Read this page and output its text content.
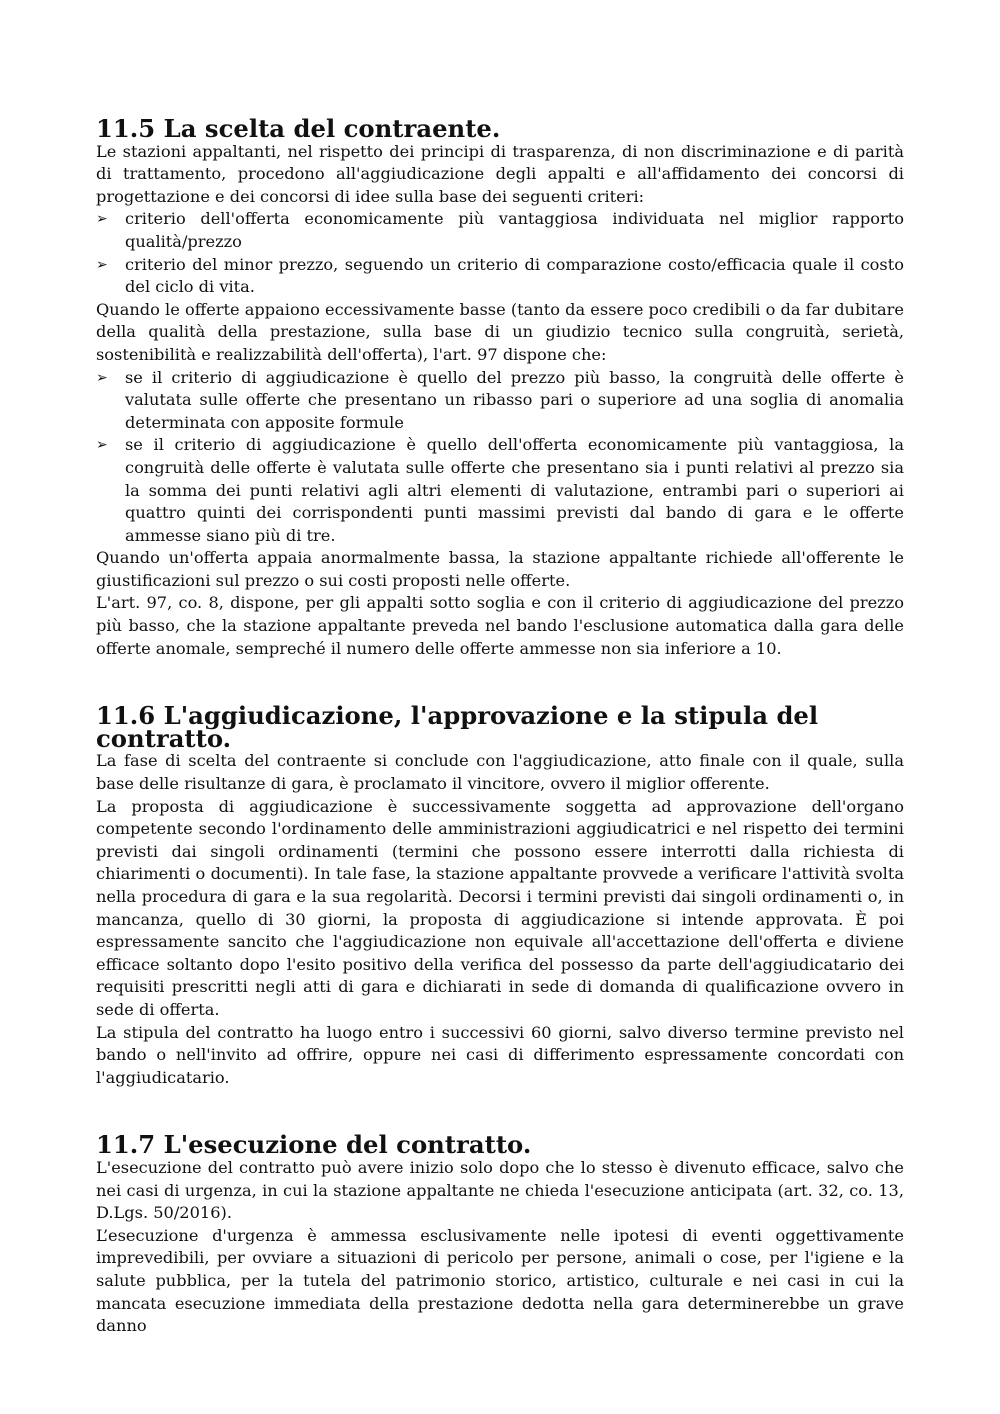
11.5 La scelta del contraente.

Le stazioni appaltanti, nel rispetto dei principi di trasparenza, di non discriminazione e di parità di trattamento, procedono all'aggiudicazione degli appalti e all'affidamento dei concorsi di progettazione e dei concorsi di idee sulla base dei seguenti criteri:

➢ criterio dell'offerta economicamente più vantaggiosa individuata nel miglior rapporto qualità/prezzo
➢ criterio del minor prezzo, seguendo un criterio di comparazione costo/efficacia quale il costo del ciclo di vita.

Quando le offerte appaiono eccessivamente basse (tanto da essere poco credibili o da far dubitare della qualità della prestazione, sulla base di un giudizio tecnico sulla congruità, serietà, sostenibilità e realizzabilità dell'offerta), l'art. 97 dispone che:

➢ se il criterio di aggiudicazione è quello del prezzo più basso, la congruità delle offerte è valutata sulle offerte che presentano un ribasso pari o superiore ad una soglia di anomalia determinata con apposite formule
➢ se il criterio di aggiudicazione è quello dell'offerta economicamente più vantaggiosa, la congruità delle offerte è valutata sulle offerte che presentano sia i punti relativi al prezzo sia la somma dei punti relativi agli altri elementi di valutazione, entrambi pari o superiori ai quattro quinti dei corrispondenti punti massimi previsti dal bando di gara e le offerte ammesse siano più di tre.

Quando un'offerta appaia anormalmente bassa, la stazione appaltante richiede all'offerente le giustificazioni sul prezzo o sui costi proposti nelle offerte.

L'art. 97, co. 8, dispone, per gli appalti sotto soglia e con il criterio di aggiudicazione del prezzo più basso, che la stazione appaltante preveda nel bando l'esclusione automatica dalla gara delle offerte anomale, sempreché il numero delle offerte ammesse non sia inferiore a 10.

11.6 L'aggiudicazione, l'approvazione e la stipula del contratto.

La fase di scelta del contraente si conclude con l'aggiudicazione, atto finale con il quale, sulla base delle risultanze di gara, è proclamato il vincitore, ovvero il miglior offerente.

La proposta di aggiudicazione è successivamente soggetta ad approvazione dell'organo competente secondo l'ordinamento delle amministrazioni aggiudicatrici e nel rispetto dei termini previsti dai singoli ordinamenti (termini che possono essere interrotti dalla richiesta di chiarimenti o documenti). In tale fase, la stazione appaltante provvede a verificare l'attività svolta nella procedura di gara e la sua regolarità. Decorsi i termini previsti dai singoli ordinamenti o, in mancanza, quello di 30 giorni, la proposta di aggiudicazione si intende approvata. È poi espressamente sancito che l'aggiudicazione non equivale all'accettazione dell'offerta e diviene efficace soltanto dopo l'esito positivo della verifica del possesso da parte dell'aggiudicatario dei requisiti prescritti negli atti di gara e dichiarati in sede di domanda di qualificazione ovvero in sede di offerta.

La stipula del contratto ha luogo entro i successivi 60 giorni, salvo diverso termine previsto nel bando o nell'invito ad offrire, oppure nei casi di differimento espressamente concordati con l'aggiudicatario.

11.7 L'esecuzione del contratto.

L'esecuzione del contratto può avere inizio solo dopo che lo stesso è divenuto efficace, salvo che nei casi di urgenza, in cui la stazione appaltante ne chieda l'esecuzione anticipata (art. 32, co. 13, D.Lgs. 50/2016).

L’esecuzione d'urgenza è ammessa esclusivamente nelle ipotesi di eventi oggettivamente imprevedibili, per ovviare a situazioni di pericolo per persone, animali o cose, per l'igiene e la salute pubblica, per la tutela del patrimonio storico, artistico, culturale e nei casi in cui la mancata esecuzione immediata della prestazione dedotta nella gara determinerebbe un grave danno
